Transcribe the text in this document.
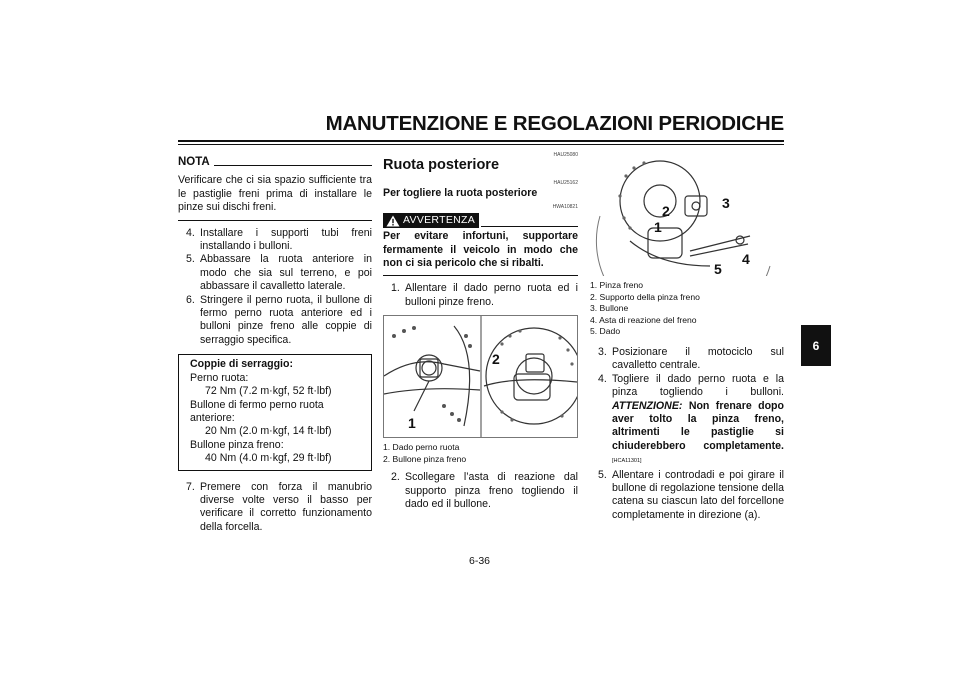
MANUTENZIONE E REGOLAZIONI PERIODICHE
NOTA
Verificare che ci sia spazio sufficiente tra le pastiglie freni prima di installare le pinze sui dischi freni.
4. Installare i supporti tubi freni installando i bulloni.
5. Abbassare la ruota anteriore in modo che sia sul terreno, e poi abbassare il cavalletto laterale.
6. Stringere il perno ruota, il bullone di fermo perno ruota anteriore ed i bulloni pinze freno alle coppie di serraggio specifica.
Coppie di serraggio:
Perno ruota:
72 Nm (7.2 m·kgf, 52 ft·lbf)
Bullone di fermo perno ruota anteriore:
20 Nm (2.0 m·kgf, 14 ft·lbf)
Bullone pinza freno:
40 Nm (4.0 m·kgf, 29 ft·lbf)
7. Premere con forza il manubrio diverse volte verso il basso per verificare il corretto funzionamento della forcella.
HAU25080
Ruota posteriore
HAU25162
Per togliere la ruota posteriore
HWA10821
AVVERTENZA
Per evitare infortuni, supportare fermamente il veicolo in modo che non ci sia pericolo che si ribalti.
1. Allentare il dado perno ruota ed i bulloni pinze freno.
1
2
1. Dado perno ruota
2. Bullone pinza freno
2. Scollegare l’asta di reazione dal supporto pinza freno togliendo il dado ed il bullone.
3
2
1
4
5
1. Pinza freno
2. Supporto della pinza freno
3. Bullone
4. Asta di reazione del freno
5. Dado
3. Posizionare il motociclo sul cavalletto centrale.
4. Togliere il dado perno ruota e la pinza togliendo i bulloni. ATTENZIONE: Non frenare dopo aver tolto la pinza freno, altrimenti le pastiglie si chiuderebbero completamente.[HCA11301]
5. Allentare i controdadi e poi girare il bullone di regolazione tensione della catena su ciascun lato del forcellone completamente in direzione (a).
6-36
6
